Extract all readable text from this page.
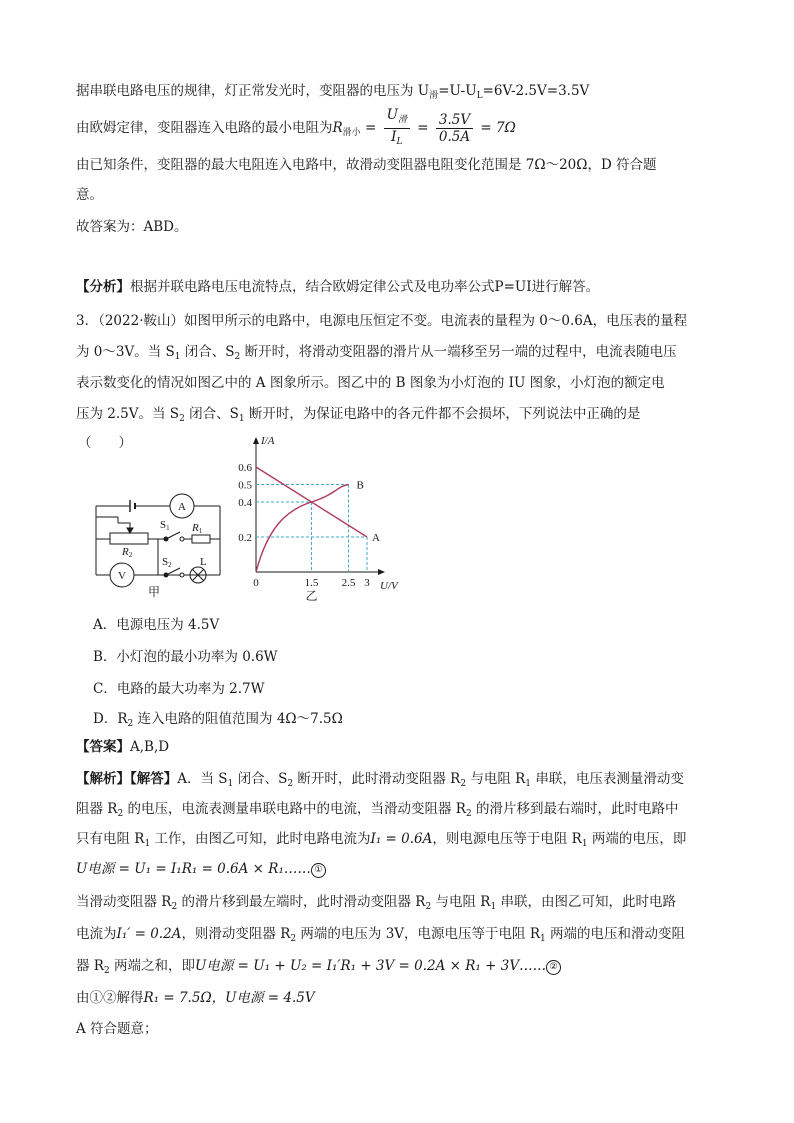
据串联电路电压的规律，灯正常发光时，变阻器的电压为 $U_滑=U-U_L=6V-2.5V=3.5V$
由欧姆定律，变阻器连入电路的最小电阻为$R_{滑小} = \frac{U_滑}{I_L} = \frac{3.5V}{0.5A} = 7\Omega$
由已知条件，变阻器的最大电阻连入电路中，故滑动变阻器电阻变化范围是 7Ω～20Ω，D 符合题
意。
故答案为：ABD。
【分析】根据并联电路电压电流特点，结合欧姆定律公式及电功率公式P=UI进行解答。
3．（2022·鞍山）如图甲所示的电路中，电源电压恒定不变。电流表的量程为 0～0.6A，电压表的量程
为 0～3V。当 $S_1$ 闭合、$S_2$ 断开时，将滑动变阻器的滑片从一端移至另一端的过程中，电流表随电压
表示数变化的情况如图乙中的 A 图象所示。图乙中的 B 图象为小灯泡的 IU 图象，小灯泡的额定电
压为 2.5V。当 $S_2$ 闭合、$S_1$ 断开时，为保证电路中的各元件都不会损坏，下列说法中正确的是
（　　）
A
V
L
S1 R1
R2
S2
甲
I/A
U/V
0.6
0.5
0.4
0.2
0	1.5 2.5 3
A
B
乙
A．电源电压为 4.5V
B．小灯泡的最小功率为 0.6W
C．电路的最大功率为 2.7W
D．$R_2$ 连入电路的阻值范围为 4Ω～7.5Ω
【答案】A,B,D
【解析】【解答】A．当 $S_1$ 闭合、$S_2$ 断开时，此时滑动变阻器 $R_2$ 与电阻 $R_1$ 串联，电压表测量滑动变
阻器 $R_2$ 的电压，电流表测量串联电路中的电流，当滑动变阻器 $R_2$ 的滑片移到最右端时，此时电路中
只有电阻 $R_1$ 工作，由图乙可知，此时电路电流为I₁ = 0.6A，则电源电压等于电阻 $R_1$ 两端的电压，即
U电源 = U₁ = I₁R₁ = 0.6A × R₁…… ①
当滑动变阻器 $R_2$ 的滑片移到最左端时，此时滑动变阻器 $R_2$ 与电阻 $R_1$ 串联，由图乙可知，此时电路
电流为I₁′ = 0.2A，则滑动变阻器 $R_2$ 两端的电压为 3V，电源电压等于电阻 $R_1$ 两端的电压和滑动变阻
器 $R_2$ 两端之和，即U电源 = U₁ + U₂ = I₁′R₁ + 3V = 0.2A × R₁ + 3V…… ②
由①②解得R₁ = 7.5Ω，U电源 = 4.5V
A 符合题意；
